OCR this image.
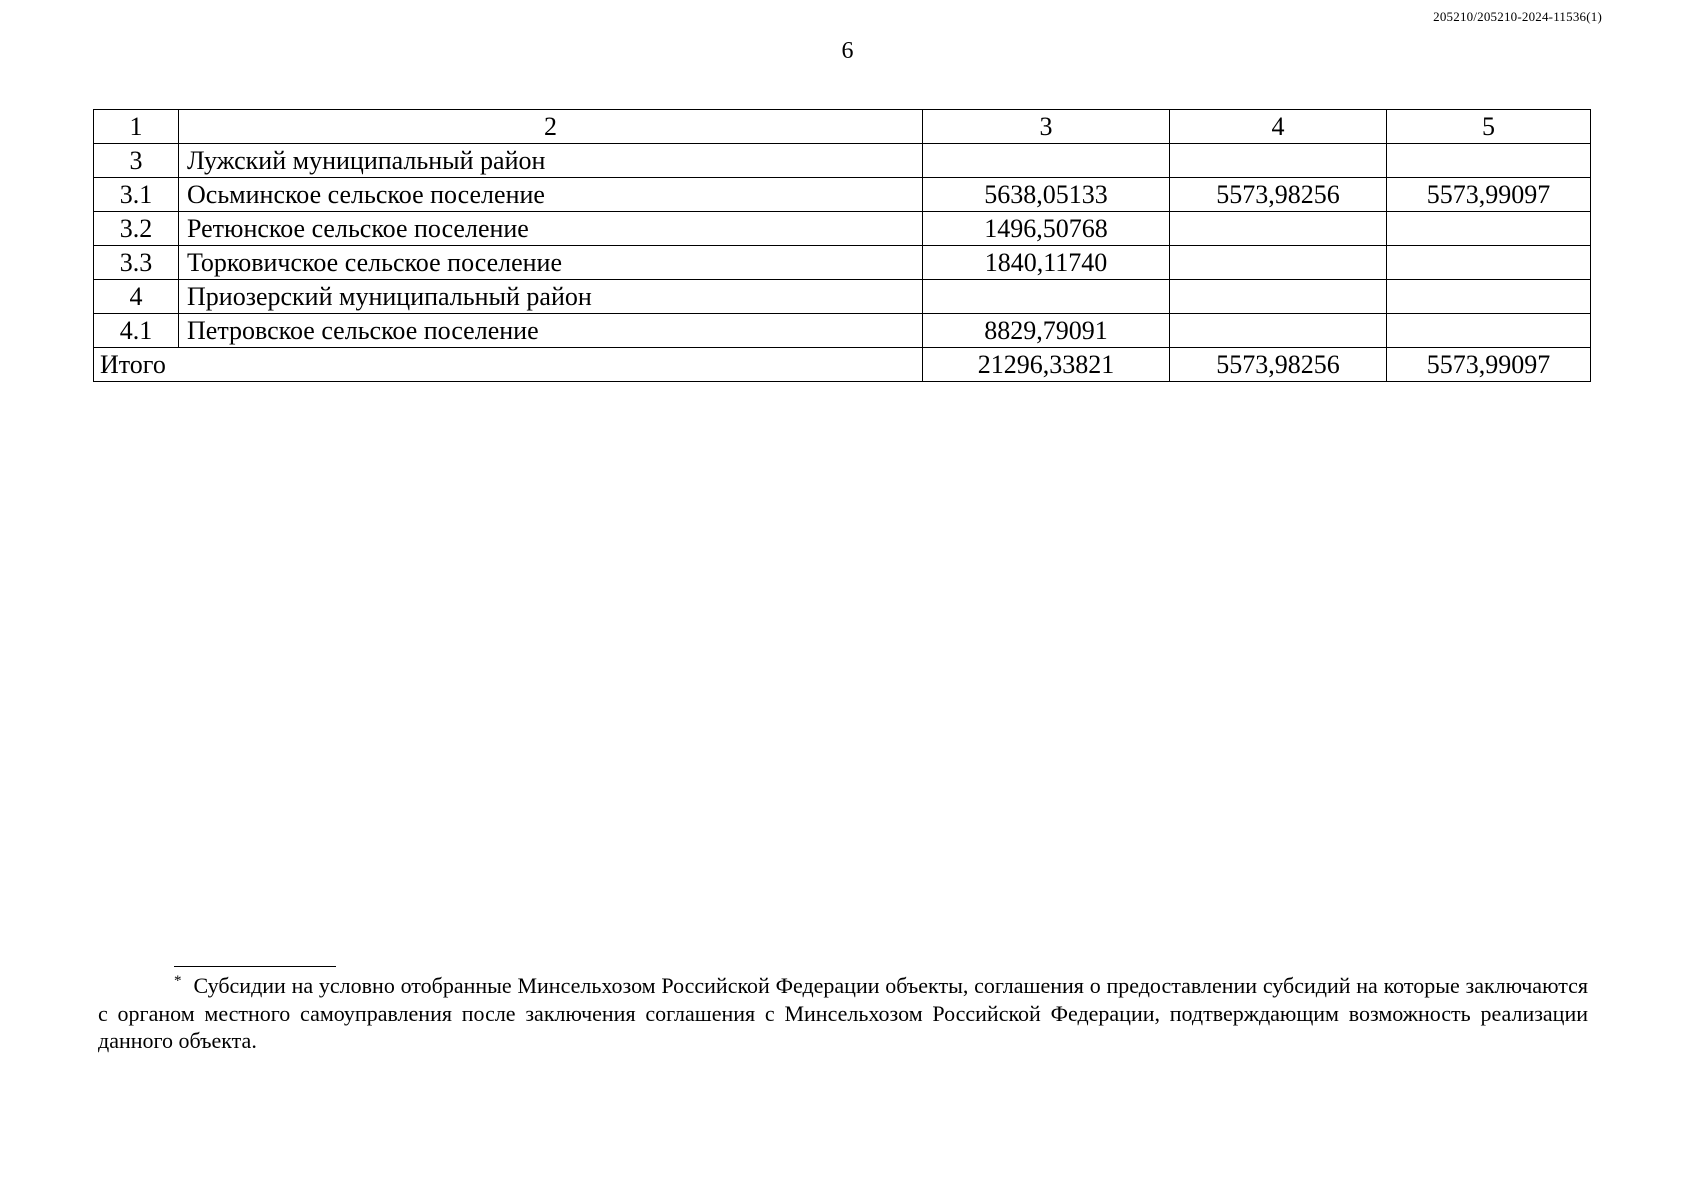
205210/205210-2024-11536(1)
6
1	2	3	4	5
3	Лужский муниципальный район			
3.1	Осьминское сельское поселение	5638,05133	5573,98256	5573,99097
3.2	Ретюнское сельское поселение	1496,50768		
3.3	Торковичское сельское поселение	1840,11740		
4	Приозерский муниципальный район			
4.1	Петровское сельское поселение	8829,79091		
Итого		21296,33821	5573,98256	5573,99097
* Субсидии на условно отобранные Минсельхозом Российской Федерации объекты, соглашения о предоставлении субсидий на которые заключаются с органом местного самоуправления после заключения соглашения с Минсельхозом Российской Федерации, подтверждающим возможность реализации данного объекта.
